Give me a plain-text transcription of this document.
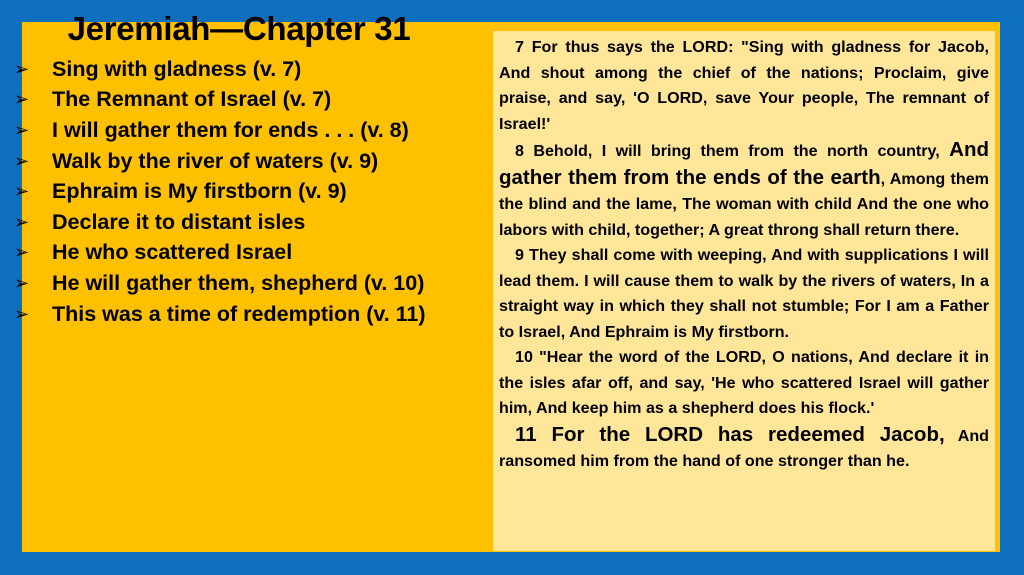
Jeremiah—Chapter 31
➢	Sing with gladness (v. 7)
➢	The Remnant of Israel (v. 7)
➢	I will gather them for ends . . . (v. 8)
➢	Walk by the river of waters (v. 9)
➢	Ephraim is My firstborn (v. 9)
➢	Declare it to distant isles
➢	He who scattered Israel
➢	He will gather them, shepherd (v. 10)
➢	This was a time of redemption (v. 11)

7 For thus says the LORD: "Sing with gladness for Jacob, And shout among the chief of the nations; Proclaim, give praise, and say, 'O LORD, save Your people, The remnant of Israel!'

8 Behold, I will bring them from the north country, And gather them from the ends of the earth, Among them the blind and the lame, The woman with child And the one who labors with child, together; A great throng shall return there.

9 They shall come with weeping, And with supplications I will lead them. I will cause them to walk by the rivers of waters, In a straight way in which they shall not stumble; For I am a Father to Israel, And Ephraim is My firstborn.

10 "Hear the word of the LORD, O nations, And declare it in the isles afar off, and say, 'He who scattered Israel will gather him, And keep him as a shepherd does his flock.'

11 For the LORD has redeemed Jacob, And ransomed him from the hand of one stronger than he.
